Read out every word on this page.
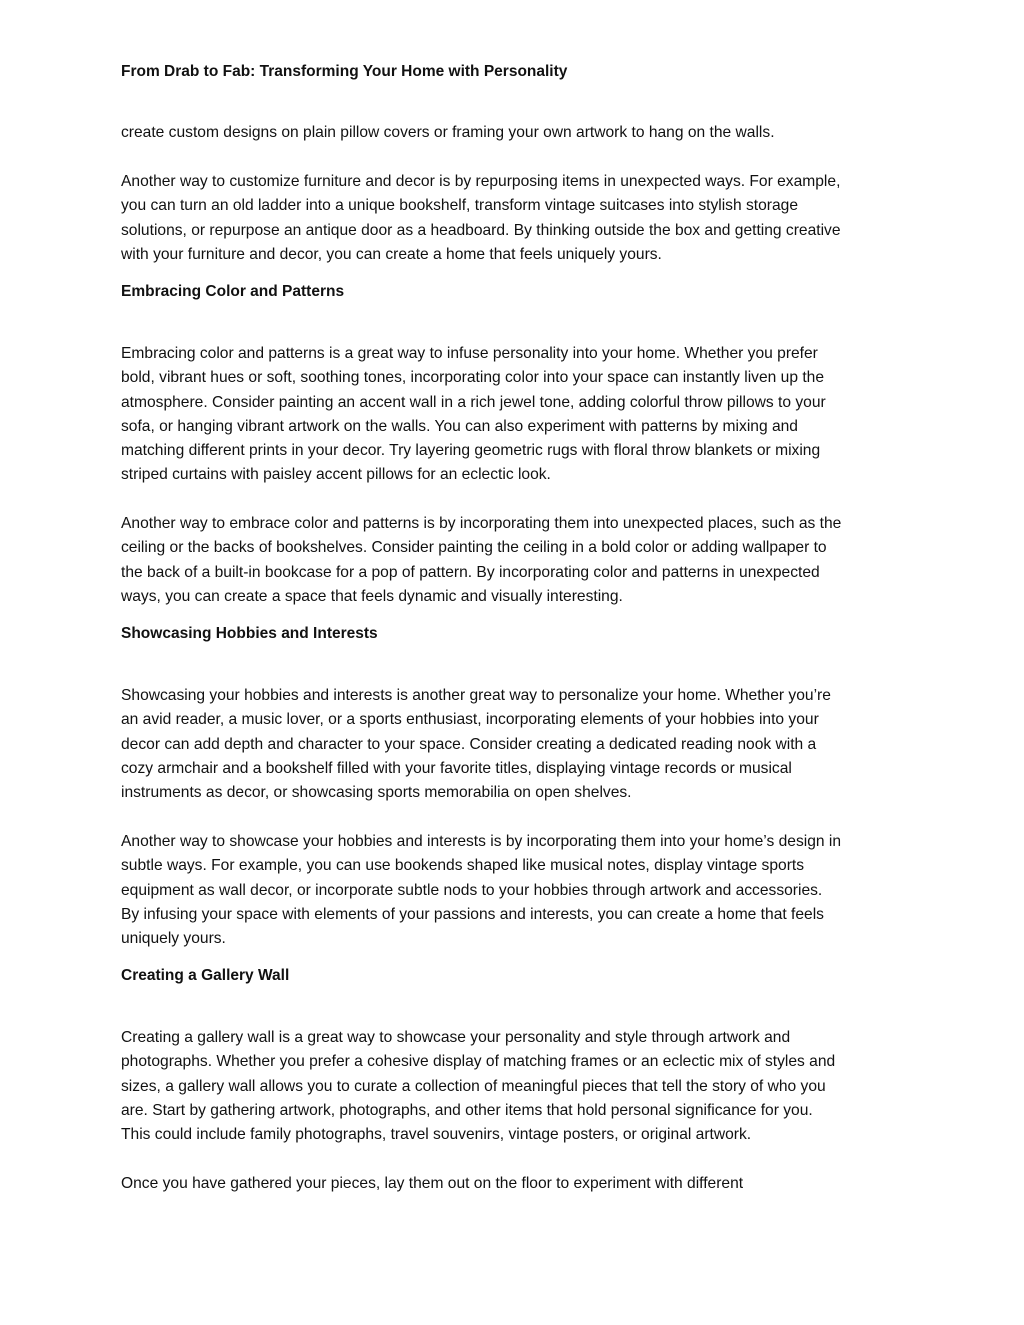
From Drab to Fab: Transforming Your Home with Personality

create custom designs on plain pillow covers or framing your own artwork to hang on the walls.

Another way to customize furniture and decor is by repurposing items in unexpected ways. For example,
you can turn an old ladder into a unique bookshelf, transform vintage suitcases into stylish storage
solutions, or repurpose an antique door as a headboard. By thinking outside the box and getting creative
with your furniture and decor, you can create a home that feels uniquely yours.

Embracing Color and Patterns

Embracing color and patterns is a great way to infuse personality into your home. Whether you prefer
bold, vibrant hues or soft, soothing tones, incorporating color into your space can instantly liven up the
atmosphere. Consider painting an accent wall in a rich jewel tone, adding colorful throw pillows to your
sofa, or hanging vibrant artwork on the walls. You can also experiment with patterns by mixing and
matching different prints in your decor. Try layering geometric rugs with floral throw blankets or mixing
striped curtains with paisley accent pillows for an eclectic look.

Another way to embrace color and patterns is by incorporating them into unexpected places, such as the
ceiling or the backs of bookshelves. Consider painting the ceiling in a bold color or adding wallpaper to
the back of a built-in bookcase for a pop of pattern. By incorporating color and patterns in unexpected
ways, you can create a space that feels dynamic and visually interesting.

Showcasing Hobbies and Interests

Showcasing your hobbies and interests is another great way to personalize your home. Whether you’re
an avid reader, a music lover, or a sports enthusiast, incorporating elements of your hobbies into your
decor can add depth and character to your space. Consider creating a dedicated reading nook with a
cozy armchair and a bookshelf filled with your favorite titles, displaying vintage records or musical
instruments as decor, or showcasing sports memorabilia on open shelves.

Another way to showcase your hobbies and interests is by incorporating them into your home’s design in
subtle ways. For example, you can use bookends shaped like musical notes, display vintage sports
equipment as wall decor, or incorporate subtle nods to your hobbies through artwork and accessories.
By infusing your space with elements of your passions and interests, you can create a home that feels
uniquely yours.

Creating a Gallery Wall

Creating a gallery wall is a great way to showcase your personality and style through artwork and
photographs. Whether you prefer a cohesive display of matching frames or an eclectic mix of styles and
sizes, a gallery wall allows you to curate a collection of meaningful pieces that tell the story of who you
are. Start by gathering artwork, photographs, and other items that hold personal significance for you.
This could include family photographs, travel souvenirs, vintage posters, or original artwork.

Once you have gathered your pieces, lay them out on the floor to experiment with different
